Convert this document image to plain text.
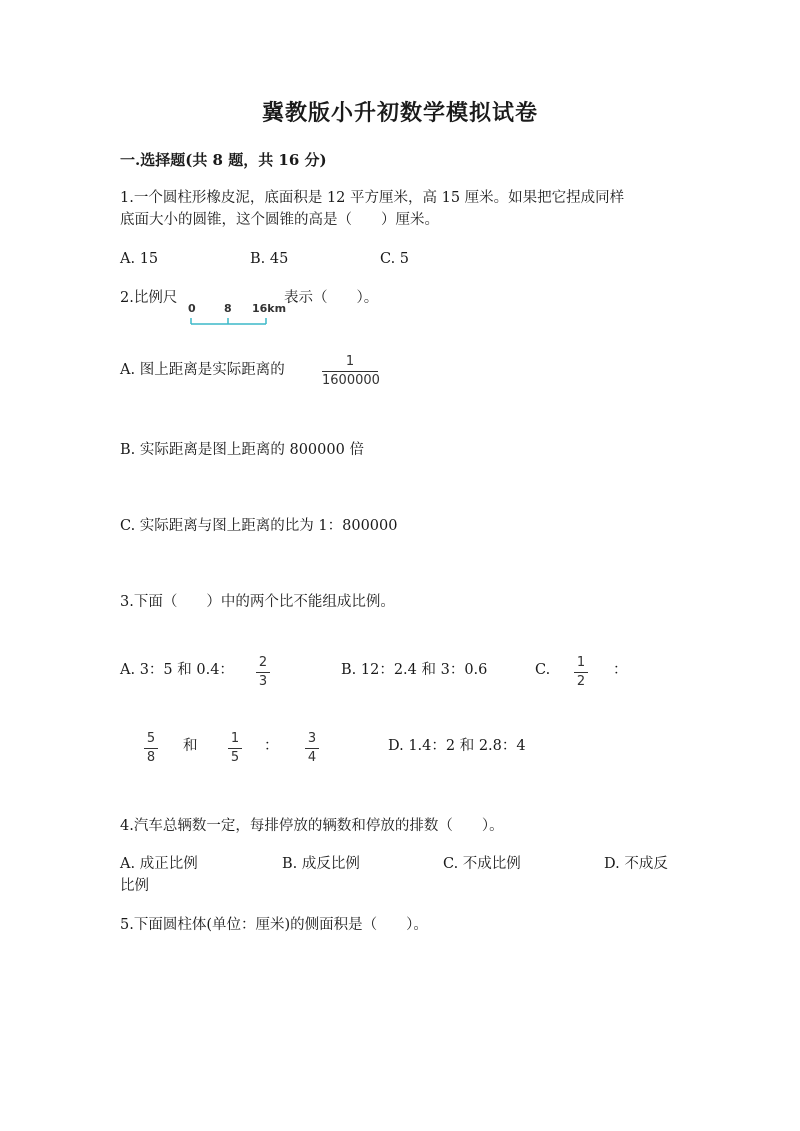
冀教版小升初数学模拟试卷
一.选择题(共 8 题，共 16 分)
1.一个圆柱形橡皮泥，底面积是 12 平方厘米，高 15 厘米。如果把它捏成同样
底面大小的圆锥，这个圆锥的高是（　　）厘米。
A. 15	B. 45	C. 5
2.比例尺
0	8 16km
表示（　　）。
A. 图上距离是实际距离的
1
1600000
B. 实际距离是图上距离的 800000 倍
C. 实际距离与图上距离的比为 1：800000
3.下面（　　）中的两个比不能组成比例。
A. 3：5 和 0.4： 2
3
B. 12：2.4 和 3：0.6	C. 1
2
：
5
8
和	1
5
： 3
4
D. 1.4：2 和 2.8：4
4.汽车总辆数一定，每排停放的辆数和停放的排数（　　）。
A. 成正比例	B. 成反比例	C. 不成比例	D. 不成反
比例
5.下面圆柱体(单位：厘米)的侧面积是（　　）。
